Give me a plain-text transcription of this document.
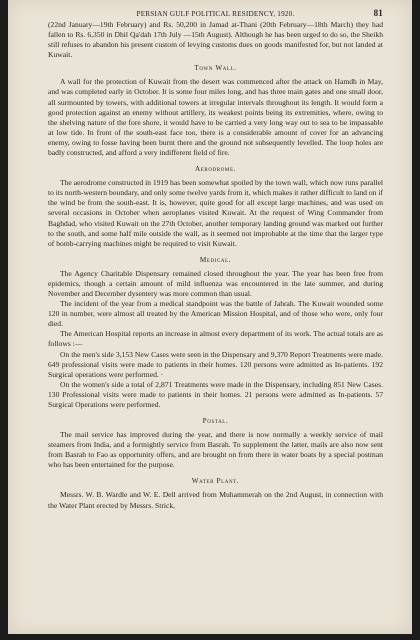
PERSIAN GULF POLITICAL RESIDENCY, 1920.	81

(22nd January—19th February) and Rs. 50,200 in Jamad at-Thani (20th February—18th March) they had fallen to Rs. 6,350 in Dhil Qa'dah 17th July —15th August). Although he has been urged to do so, the Sheikh still refuses to abandon his present custom of levying customs dues on goods manifested for, but not landed at Kuwait.

Town Wall.

A wall for the protection of Kuwait from the desert was commenced after the attack on Hamdh in May, and was completed early in October. It is some four miles long, and has three main gates and one small door, all surmounted by towers, with additional towers at irregular intervals throughout its length. It would form a good protection against an enemy without artillery, its weakest points being its extremities, where, owing to the shelving nature of the fore shore, it would have to be carried a very long way out to sea to be impassable at low tide. In front of the south-east face too, there is a considerable amount of cover for an advancing enemy, owing to fosse having been burnt there and the ground not subsequently levelled. The loop holes are badly constructed, and afford a very indifferent field of fire.

Aerodrome.

The aerodrome constructed in 1919 has been somewhat spoiled by the town wall, which now runs parallel to its north-western boundary, and only some twelve yards from it, which makes it rather difficult to land on if the wind be from the south-east. It is, however, quite good for all except large machines, and was used on several occasions in October when aeroplanes visited Kuwait. At the request of Wing Commander from Baghdad, who visited Kuwait on the 27th October, another temporary landing ground was marked out further to the south, and some half mile outside the wall, as it seemed not improbable at the time that the larger type of bomb-carrying machines might be required to visit Kuwait.

Medical.

The Agency Charitable Dispensary remained closed throughout the year. The year has been free from epidemics, though a certain amount of mild influenza was encountered in the late summer, and during November and December dysentery was more common than usual.

The incident of the year from a medical standpoint was the battle of Jahrah. The Kuwait wounded some 120 in number, were almost all treated by the American Mission Hospital, and of those who were, only four died.

The American Hospital reports an increase in almost every department of its work. The actual totals are as follows :—

On the men's side 3,153 New Cases were seen in the Dispensary and 9,370 Report Treatments were made. 649 professional visits were made to patients in their homes. 120 persons were admitted as In-patients. 192 Surgical operations were performed. ·

On the women's side a total of 2,871 Treatments were made in the Dispensary, including 851 New Cases. 130 Professional visits were made to patients in their homes. 21 persons were admitted as In-patients. 57 Surgical Operations were performed.

Postal.

The mail service has improved during the year, and there is now normally a weekly service of mail steamers from India, and a fortnightly service from Basrah. To supplement the latter, mails are also now sent from Basrah to Fao as opportunity offers, and are brought on from there in water boats by a special postman who has been entertained for the purpose.

Water Plant.

Messrs. W. B. Wardle and W. E. Dell arrived from Muhammerah on the 2nd August, in connection with the Water Plant erected by Messrs. Strick,
